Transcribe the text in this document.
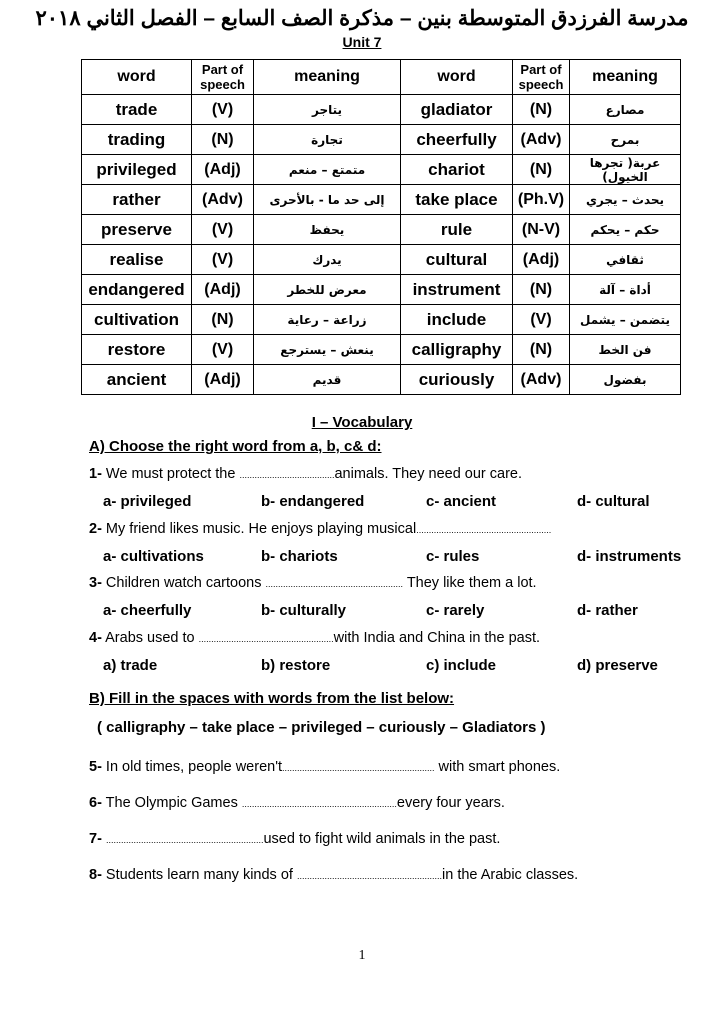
مدرسة الفرزدق المتوسطة بنين – مذكرة الصف السابع – الفصل الثاني ٢٠١٨
Unit 7
word	Part of speech	meaning	word	Part of speech	meaning
trade	(V)	يتاجر	gladiator	(N)	مصارع
trading	(N)	تجارة	cheerfully	(Adv)	بمرح
privileged	(Adj)	متمتع – منعم	chariot	(N)	عربة( تجرها الخيول)
rather	(Adv)	إلى حد ما - بالأحرى	take place	(Ph.V)	يحدث – يجري
preserve	(V)	يحفظ	rule	(N-V)	حكم – يحكم
realise	(V)	يدرك	cultural	(Adj)	ثقافي
endangered	(Adj)	معرض للخطر	instrument	(N)	أداة – آلة
cultivation	(N)	زراعة – رعاية	include	(V)	يتضمن – يشمل
restore	(V)	ينعش – يسترجع	calligraphy	(N)	فن الخط
ancient	(Adj)	قديم	curiously	(Adv)	بفضول
I – Vocabulary
A) Choose the right word from a, b, c& d:
1- We must protect the ......................................animals. They need our care.
a- privileged	b- endangered	c- ancient	d- cultural
2- My friend likes music. He enjoys playing musical......................................................
a- cultivations	b- chariots	c- rules	d- instruments
3- Children watch cartoons ....................................................... They like them a lot.
a- cheerfully	b- culturally	c- rarely	d- rather
4- Arabs used to ......................................................with India and China in the past.
a) trade	b) restore	c) include	d) preserve
B) Fill in the spaces with words from the list below:
( calligraphy – take place – privileged – curiously – Gladiators )
5- In old times, people weren't............................................................. with smart phones.
6- The Olympic Games ..............................................................every four years.
7- ...............................................................used to fight wild animals in the past.
8- Students learn many kinds of ..........................................................in the Arabic classes.
1
